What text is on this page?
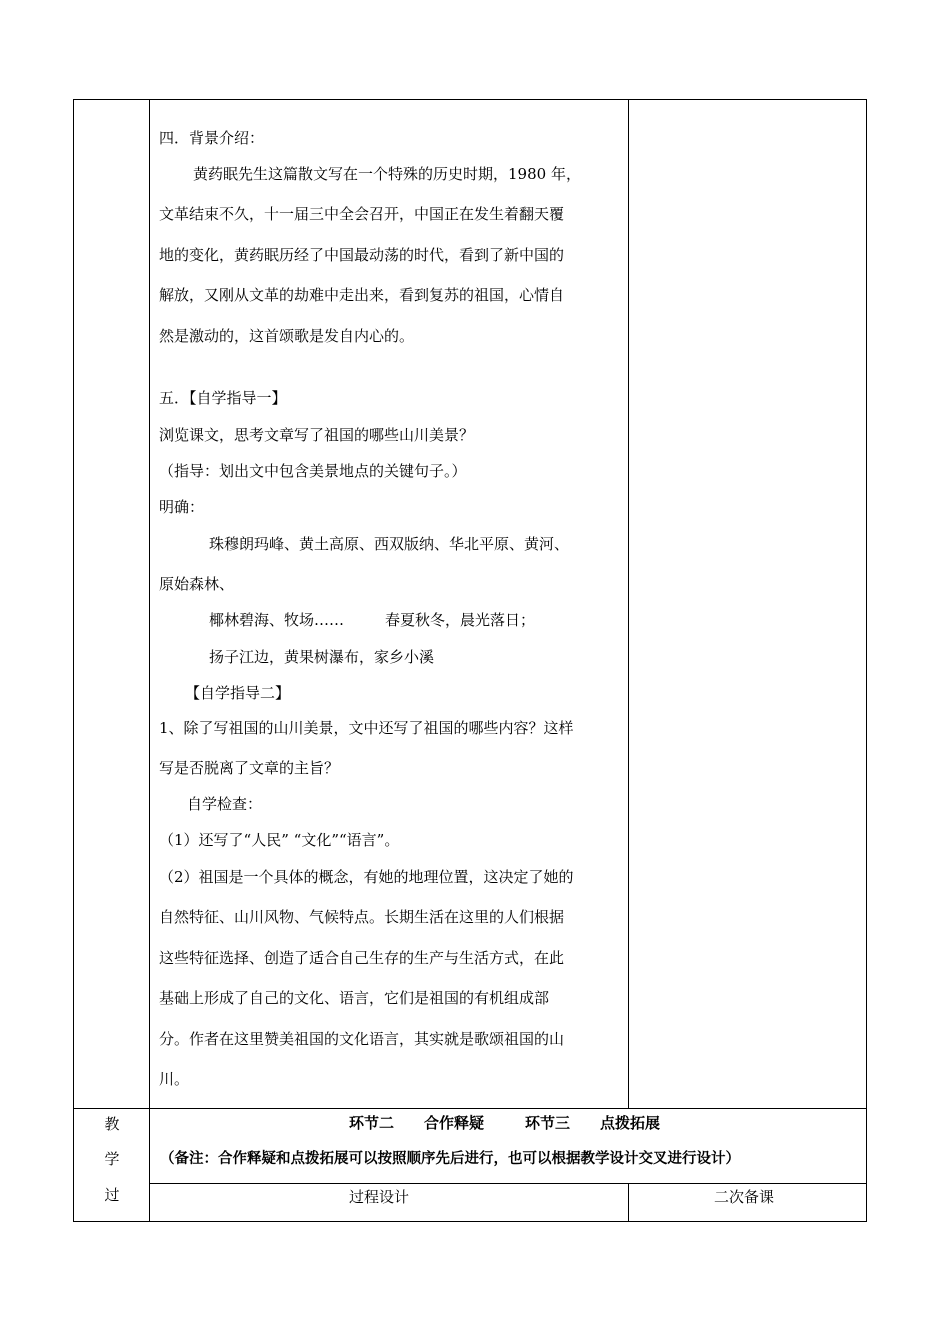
四．背景介绍：
黄药眠先生这篇散文写在一个特殊的历史时期，1980 年，
文革结束不久，十一届三中全会召开，中国正在发生着翻天覆
地的变化，黄药眠历经了中国最动荡的时代，看到了新中国的
解放，又刚从文革的劫难中走出来，看到复苏的祖国，心情自
然是激动的，这首颂歌是发自内心的。
五．【自学指导一】
浏览课文，思考文章写了祖国的哪些山川美景？
（指导：划出文中包含美景地点的关键句子。）
明确：
珠穆朗玛峰、黄土高原、西双版纳、华北平原、黄河、
原始森林、
椰林碧海、牧场……	春夏秋冬，晨光落日；
扬子江边，黄果树瀑布，家乡小溪
【自学指导二】
1、除了写祖国的山川美景，文中还写了祖国的哪些内容？这样
写是否脱离了文章的主旨？
自学检查：
（1）还写了“人民” “文化”“语言”。
（2）祖国是一个具体的概念，有她的地理位置，这决定了她的
自然特征、山川风物、气候特点。长期生活在这里的人们根据
这些特征选择、创造了适合自己生存的生产与生活方式，在此
基础上形成了自己的文化、语言，它们是祖国的有机组成部
分。作者在这里赞美祖国的文化语言，其实就是歌颂祖国的山
川。
教
学
过
环节二　　合作释疑	环节三　　点拨拓展
（备注：合作释疑和点拨拓展可以按照顺序先后进行，也可以根据教学设计交叉进行设计）
过程设计	二次备课
